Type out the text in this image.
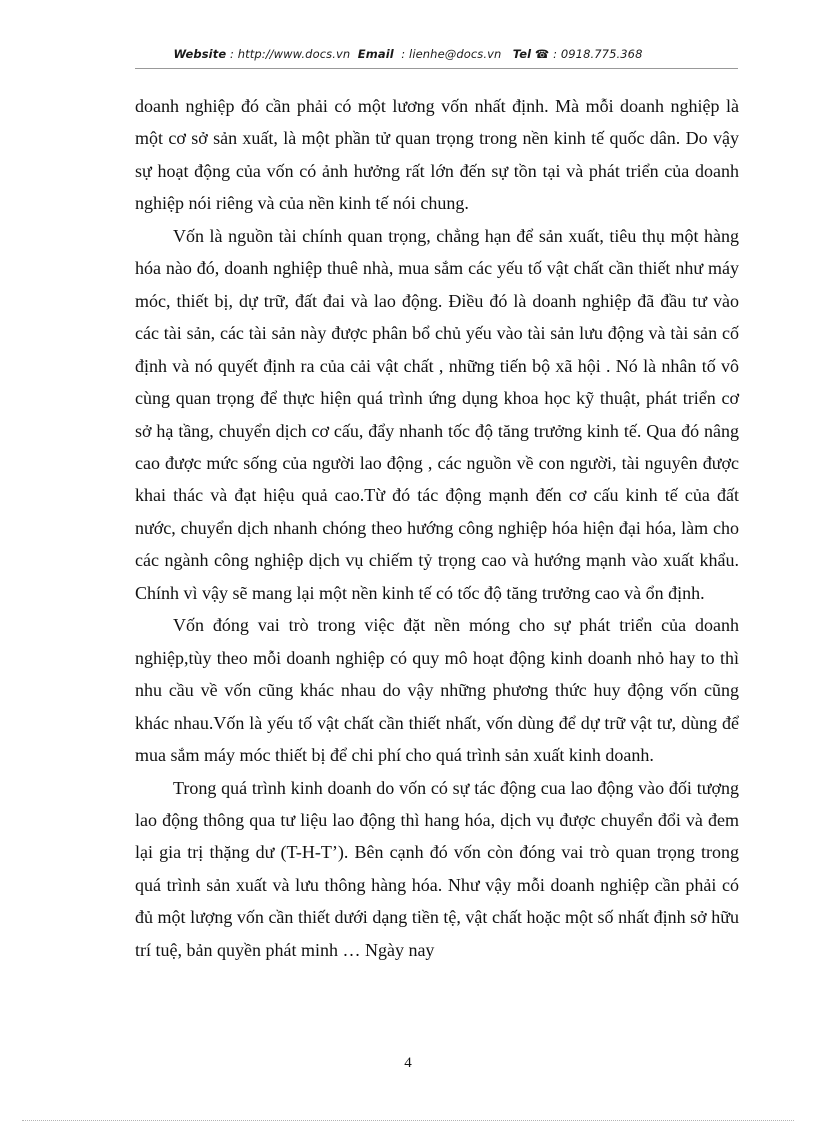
Website : http://www.docs.vn Email : lienhe@docs.vn Tel ☎ : 0918.775.368

doanh nghiệp đó cần phải có một lương vốn nhất định. Mà mỗi doanh nghiệp là một cơ sở sản xuất, là một phần tử quan trọng trong nền kinh tế quốc dân. Do vậy sự hoạt động của vốn có ảnh hưởng rất lớn đến sự tồn tại và phát triển của doanh nghiệp nói riêng và của nền kinh tế nói chung.

Vốn là nguồn tài chính quan trọng, chẳng hạn để sản xuất, tiêu thụ một hàng hóa nào đó, doanh nghiệp thuê nhà, mua sắm các yếu tố vật chất cần thiết như máy móc, thiết bị, dự trữ, đất đai và lao động. Điều đó là doanh nghiệp đã đầu tư vào các tài sản, các tài sản này được phân bổ chủ yếu vào tài sản lưu động và tài sản cố định và nó quyết định ra của cải vật chất , những tiến bộ xã hội . Nó là nhân tố vô cùng quan trọng để thực hiện quá trình ứng dụng khoa học kỹ thuật, phát triển cơ sở hạ tầng, chuyển dịch cơ cấu, đẩy nhanh tốc độ tăng trưởng kinh tế. Qua đó nâng cao được mức sống của người lao động , các nguồn về con người, tài nguyên được khai thác và đạt hiệu quả cao.Từ đó tác động mạnh đến cơ cấu kinh tế của đất nước, chuyển dịch nhanh chóng theo hướng công nghiệp hóa hiện đại hóa, làm cho các ngành công nghiệp dịch vụ chiếm tỷ trọng cao và hướng mạnh vào xuất khẩu. Chính vì vậy sẽ mang lại một nền kinh tế có tốc độ tăng trưởng cao và ổn định.

Vốn đóng vai trò trong việc đặt nền móng cho sự phát triển của doanh nghiệp,tùy theo mỗi doanh nghiệp có quy mô hoạt động kinh doanh nhỏ hay to thì nhu cầu về vốn cũng khác nhau do vậy những phương thức huy động vốn cũng khác nhau.Vốn là yếu tố vật chất cần thiết nhất, vốn dùng để dự trữ vật tư, dùng để mua sắm máy móc thiết bị để chi phí cho quá trình sản xuất kinh doanh.

Trong quá trình kinh doanh do vốn có sự tác động cua lao động vào đối tượng lao động thông qua tư liệu lao động thì hang hóa, dịch vụ được chuyển đổi và đem lại gia trị thặng dư (T-H-T’). Bên cạnh đó vốn còn đóng vai trò quan trọng trong quá trình sản xuất và lưu thông hàng hóa. Như vậy mỗi doanh nghiệp cần phải có đủ một lượng vốn cần thiết dưới dạng tiền tệ, vật chất hoặc một số nhất định sở hữu trí tuệ, bản quyền phát minh … Ngày nay

4
